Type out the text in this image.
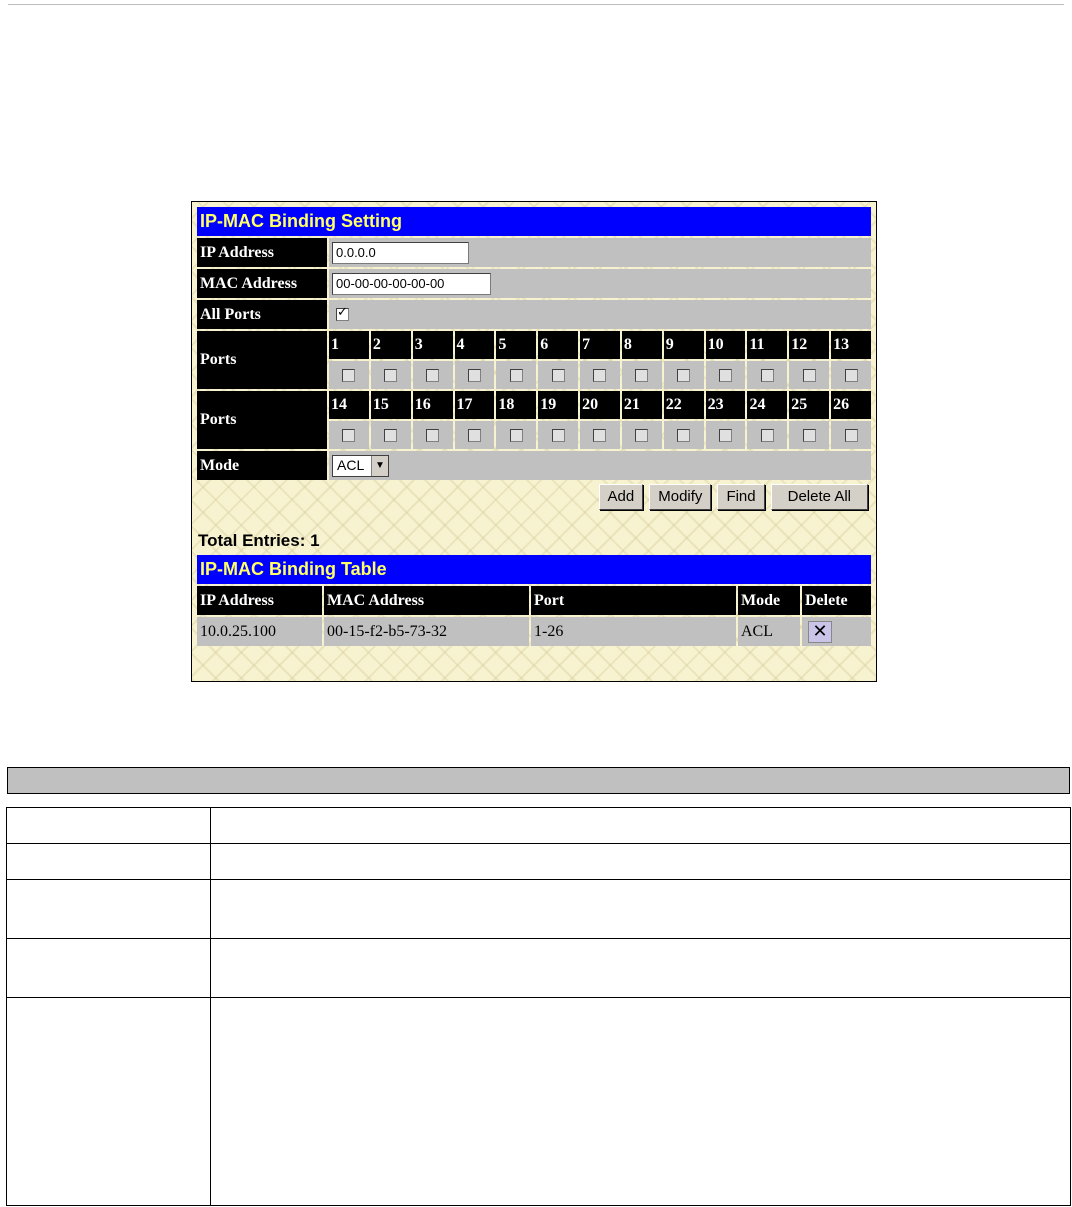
IP-MAC Binding Setting													
IP Address	0.0.0.0
MAC Address	00-00-00-00-00-00
All Ports	✓
Ports	1	2	3	4	5	6	7	8	9	10	11	12	13

Ports	14	15	16	17	18	19	20	21	22	23	24	25	26

Mode	ACL ▼												

Add Modify Find Delete All													
Total Entries: 1
IP-MAC Binding Table				
IP Address	MAC Address	Port	Mode	Delete
10.0.25.100	00-15-f2-b5-73-32	1-26	ACL	✕
